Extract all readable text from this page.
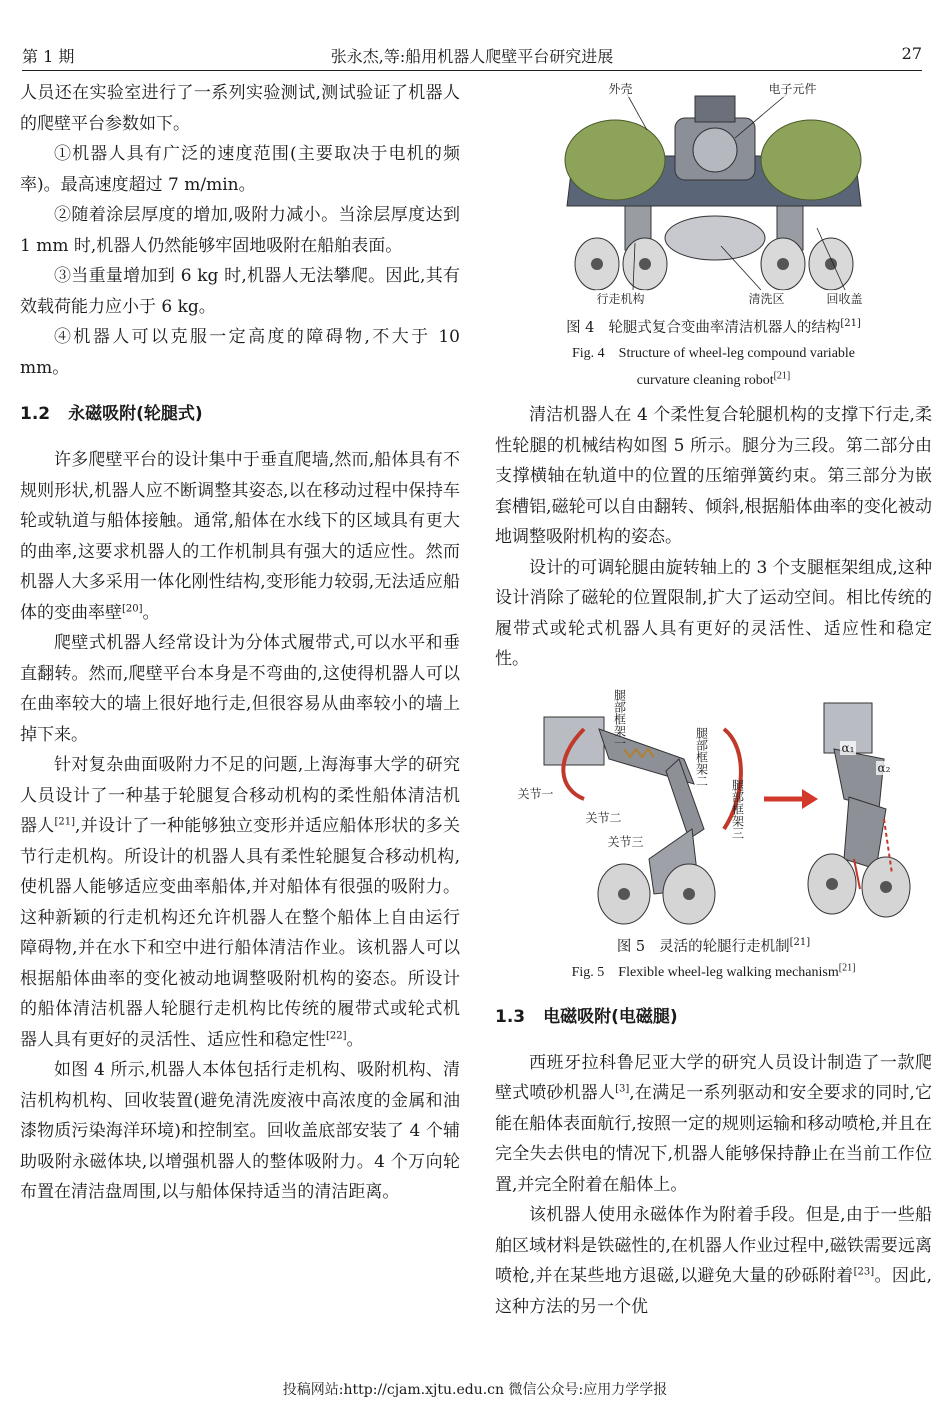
第 1 期	张永杰,等:船用机器人爬壁平台研究进展	27

人员还在实验室进行了一系列实验测试,测试验证了机器人的爬壁平台参数如下。

①机器人具有广泛的速度范围(主要取决于电机的频率)。最高速度超过 7 m/min。

②随着涂层厚度的增加,吸附力减小。当涂层厚度达到 1 mm 时,机器人仍然能够牢固地吸附在船舶表面。

③当重量增加到 6 kg 时,机器人无法攀爬。因此,其有效载荷能力应小于 6 kg。

④机器人可以克服一定高度的障碍物,不大于 10 mm。

1.2 永磁吸附(轮腿式)

许多爬壁平台的设计集中于垂直爬墙,然而,船体具有不规则形状,机器人应不断调整其姿态,以在移动过程中保持车轮或轨道与船体接触。通常,船体在水线下的区域具有更大的曲率,这要求机器人的工作机制具有强大的适应性。然而机器人大多采用一体化刚性结构,变形能力较弱,无法适应船体的变曲率壁[20]。

爬壁式机器人经常设计为分体式履带式,可以水平和垂直翻转。然而,爬壁平台本身是不弯曲的,这使得机器人可以在曲率较大的墙上很好地行走,但很容易从曲率较小的墙上掉下来。

针对复杂曲面吸附力不足的问题,上海海事大学的研究人员设计了一种基于轮腿复合移动机构的柔性船体清洁机器人[21],并设计了一种能够独立变形并适应船体形状的多关节行走机构。所设计的机器人具有柔性轮腿复合移动机构,使机器人能够适应变曲率船体,并对船体有很强的吸附力。这种新颖的行走机构还允许机器人在整个船体上自由运行障碍物,并在水下和空中进行船体清洁作业。该机器人可以根据船体曲率的变化被动地调整吸附机构的姿态。所设计的船体清洁机器人轮腿行走机构比传统的履带式或轮式机器人具有更好的灵活性、适应性和稳定性[22]。

如图 4 所示,机器人本体包括行走机构、吸附机构、清洁机构机构、回收装置(避免清洗废液中高浓度的金属和油漆物质污染海洋环境)和控制室。回收盖底部安装了 4 个辅助吸附永磁体块,以增强机器人的整体吸附力。4 个万向轮布置在清洁盘周围,以与船体保持适当的清洁距离。

外壳	电子元件
行走机构	清洗区	回收盖
图 4 轮腿式复合变曲率清洁机器人的结构[21]
Fig. 4 Structure of wheel-leg compound variable
curvature cleaning robot[21]

清洁机器人在 4 个柔性复合轮腿机构的支撑下行走,柔性轮腿的机械结构如图 5 所示。腿分为三段。第二部分由支撑横轴在轨道中的位置的压缩弹簧约束。第三部分为嵌套槽铝,磁轮可以自由翻转、倾斜,根据船体曲率的变化被动地调整吸附机构的姿态。

设计的可调轮腿由旋转轴上的 3 个支腿框架组成,这种设计消除了磁轮的位置限制,扩大了运动空间。相比传统的履带式或轮式机器人具有更好的灵活性、适应性和稳定性。

腿部框架一
腿部框架二
腿部框架三
关节一
关节二
关节三
α₁
α₂
图 5 灵活的轮腿行走机制[21]
Fig. 5 Flexible wheel-leg walking mechanism[21]
1.3 电磁吸附(电磁腿)

西班牙拉科鲁尼亚大学的研究人员设计制造了一款爬壁式喷砂机器人[3],在满足一系列驱动和安全要求的同时,它能在船体表面航行,按照一定的规则运输和移动喷枪,并且在完全失去供电的情况下,机器人能够保持静止在当前工作位置,并完全附着在船体上。

该机器人使用永磁体作为附着手段。但是,由于一些船舶区域材料是铁磁性的,在机器人作业过程中,磁铁需要远离喷枪,并在某些地方退磁,以避免大量的砂砾附着[23]。因此,这种方法的另一个优

投稿网站:http://cjam.xjtu.edu.cn 微信公众号:应用力学学报
